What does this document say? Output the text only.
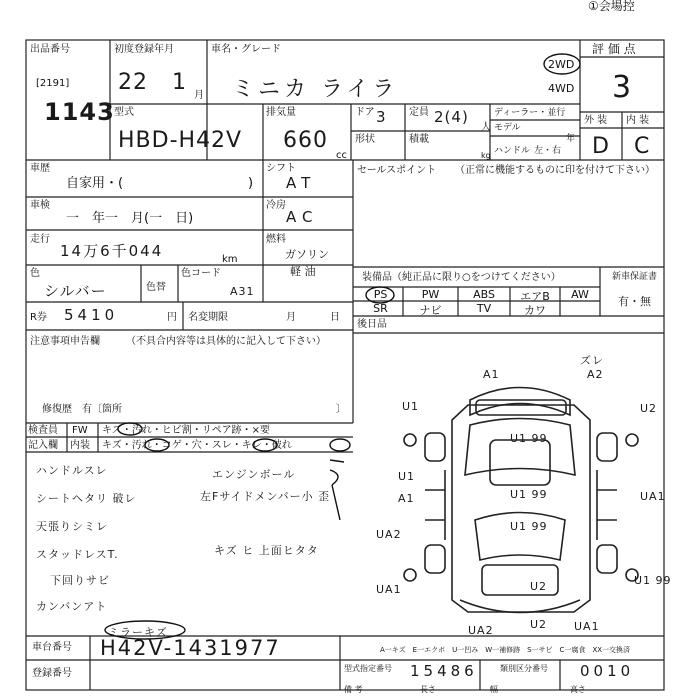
①会場控
出品番号
[2191]
1143
初度登録年月
22 1
月
車名・グレード
ミニカ ライラ
2WD
4WD
評 価 点
3
型式
HBD-H42V
排気量
660
cc
ドア 3
形状
定員 2(4)
人
積載
kg
ディーラー・並行
モデル
年
ハンドル 左・右
外 装 内 装
D C
車歴
自家用・(	)
シフト
AT
セールスポイント （正常に機能するものに印を付けて下さい）
車検
一　年一　月(一　日)
冷房
AC
走行
14万6千044	km
燃料
ガソリン
軽 油
色
シルバー	色替
色コード
A31
R券 5410	円 名変期限	月	日
注意事項申告欄	（不具合内容等は具体的に記入して下さい）
修復歴　有〔箇所	〕
検査員
記入欄
FW
内装
キズ・汚れ・ヒビ割・リペア跡・×要
キズ・汚れ・コゲ・穴・スレ・キレ・破れ
装備品（純正品に限り○をつけてください）
PS	PW	ABS	エアB	AW
SR	ナビ	TV	カワ
新車保証書
有・無
後日品
ハンドルスレ
シートヘタリ 破レ
天張りシミレ
スタッドレスT.
下回りサビ
カンバンアト
ミラーキズ
エンジンボール
左Fサイドメンバー小 歪
キズ ヒ 上面ヒタタ
A1	A2
ズレ
U1	U2
U1 99
U1 99
U1
A1	UA1
UA2
U1 99
UA1	U2
U2
UA2	UA1
U1 99
A一キズ　E一エクボ　U一凹み　W一補修跡　S一サビ　C一腐食　XX一交換済
車台番号 H42V-1431977
型式指定番号 15486	類別区分番号 0010
登録番号
備 考	長さ	幅	高さ
